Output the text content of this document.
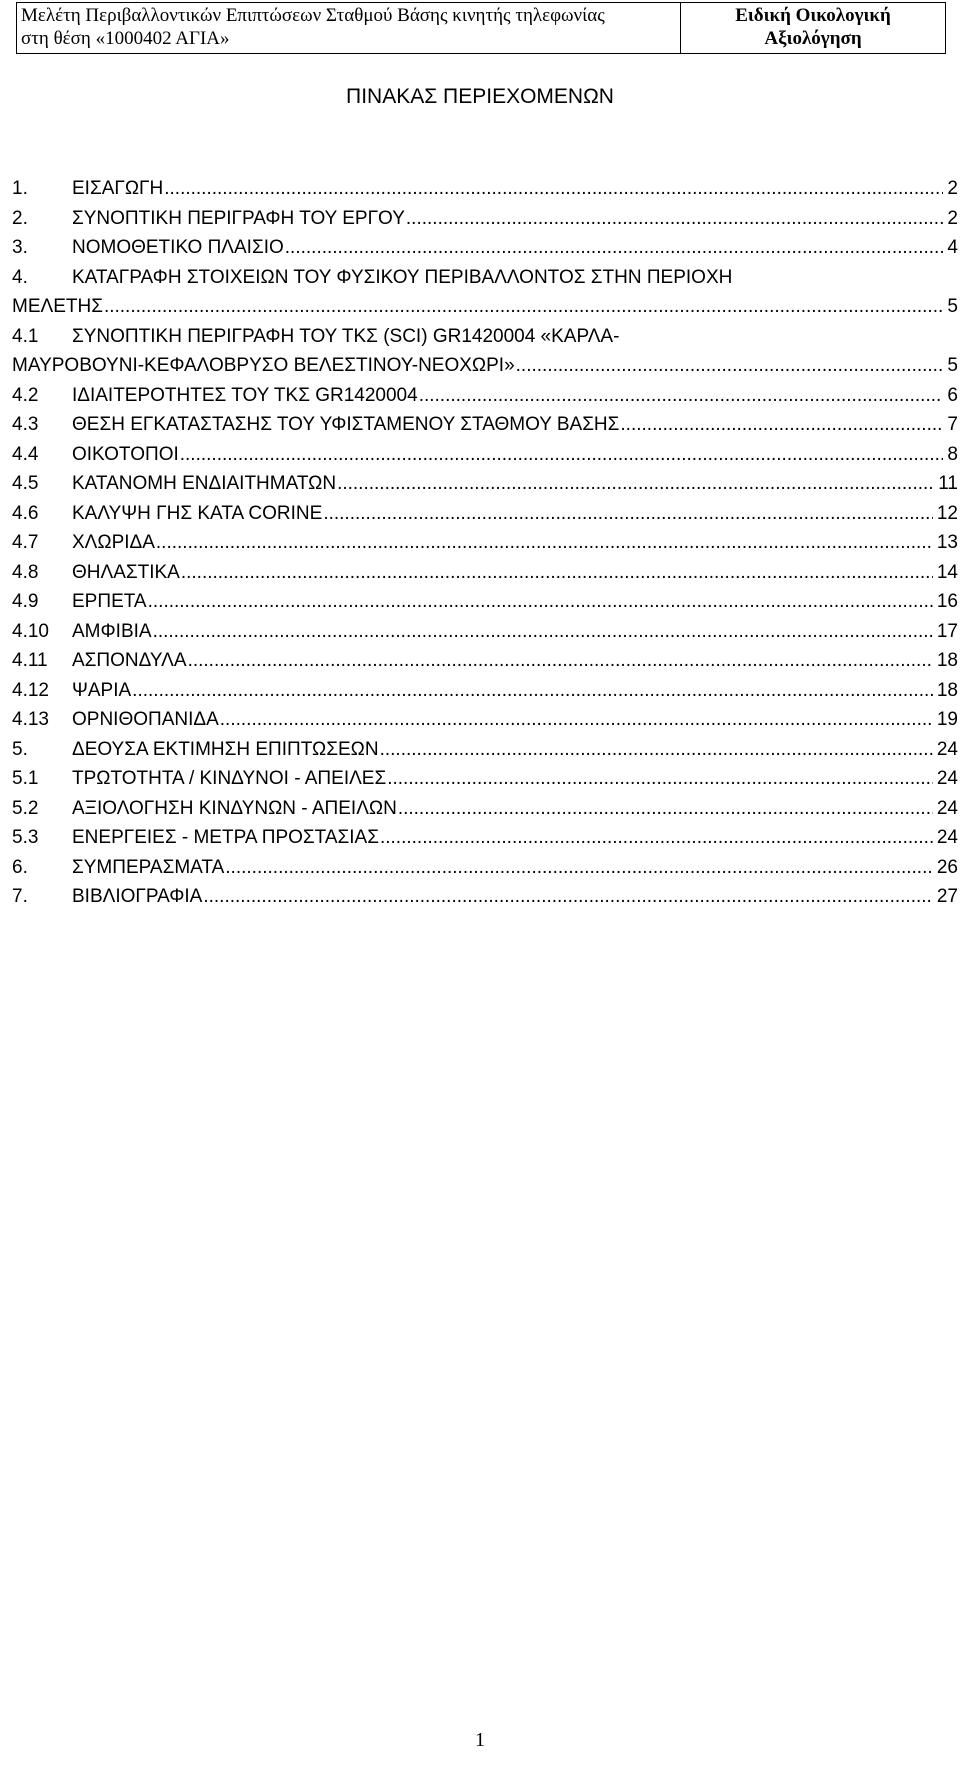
Μελέτη Περιβαλλοντικών Επιπτώσεων Σταθμού Βάσης κινητής τηλεφωνίας
στη θέση «1000402 ΑΓΙΑ»

Ειδική Οικολογική
Αξιολόγηση
ΠΙΝΑΚΑΣ ΠΕΡΙΕΧΟΜΕΝΩΝ
1. ΕΙΣΑΓΩΓΗ .....	2
2. ΣΥΝΟΠΤΙΚΗ ΠΕΡΙΓΡΑΦΗ ΤΟΥ ΕΡΓΟΥ .....	2
3. ΝΟΜΟΘΕΤΙΚΟ ΠΛΑΙΣΙΟ .....	4
4. ΚΑΤΑΓΡΑΦΗ ΣΤΟΙΧΕΙΩΝ ΤΟΥ ΦΥΣΙΚΟΥ ΠΕΡΙΒΑΛΛΟΝΤΟΣ ΣΤΗΝ ΠΕΡΙΟΧΗ
ΜΕΛΕΤΗΣ .....	5
4.1 ΣΥΝΟΠΤΙΚΗ ΠΕΡΙΓΡΑΦΗ ΤΟΥ ΤΚΣ (SCI) GR1420004 «ΚΑΡΛΑ-
ΜΑΥΡΟΒΟΥΝΙ-ΚΕΦΑΛΟΒΡΥΣΟ ΒΕΛΕΣΤΙΝΟΥ-ΝΕΟΧΩΡΙ» .....	5
4.2 ΙΔΙΑΙΤΕΡΟΤΗΤΕΣ ΤΟΥ ΤΚΣ GR1420004 .....	6
4.3 ΘΕΣΗ ΕΓΚΑΤΑΣΤΑΣΗΣ ΤΟΥ ΥΦΙΣΤΑΜΕΝΟΥ ΣΤΑΘΜΟΥ ΒΑΣΗΣ .....	7
4.4 ΟΙΚΟΤΟΠΟΙ .....	8
4.5 ΚΑΤΑΝΟΜΗ ΕΝΔΙΑΙΤΗΜΑΤΩΝ .....	11
4.6 ΚΑΛΥΨΗ ΓΗΣ ΚΑΤΑ CORINE .....	12
4.7 ΧΛΩΡΙΔΑ .....	13
4.8 ΘΗΛΑΣΤΙΚΑ .....	14
4.9 ΕΡΠΕΤΑ .....	16
4.10 ΑΜΦΙΒΙΑ .....	17
4.11 ΑΣΠΟΝΔΥΛΑ .....	18
4.12 ΨΑΡΙΑ .....	18
4.13 ΟΡΝΙΘΟΠΑΝΙΔΑ .....	19
5. ΔΕΟΥΣΑ ΕΚΤΙΜΗΣΗ ΕΠΙΠΤΩΣΕΩΝ .....	24
5.1 ΤΡΩΤΟΤΗΤΑ / ΚΙΝΔΥΝΟΙ - ΑΠΕΙΛΕΣ .....	24
5.2 ΑΞΙΟΛΟΓΗΣΗ ΚΙΝΔΥΝΩΝ - ΑΠΕΙΛΩΝ .....	24
5.3 ΕΝΕΡΓΕΙΕΣ - ΜΕΤΡΑ ΠΡΟΣΤΑΣΙΑΣ .....	24
6. ΣΥΜΠΕΡΑΣΜΑΤΑ .....	26
7. ΒΙΒΛΙΟΓΡΑΦΙΑ .....	27
1
